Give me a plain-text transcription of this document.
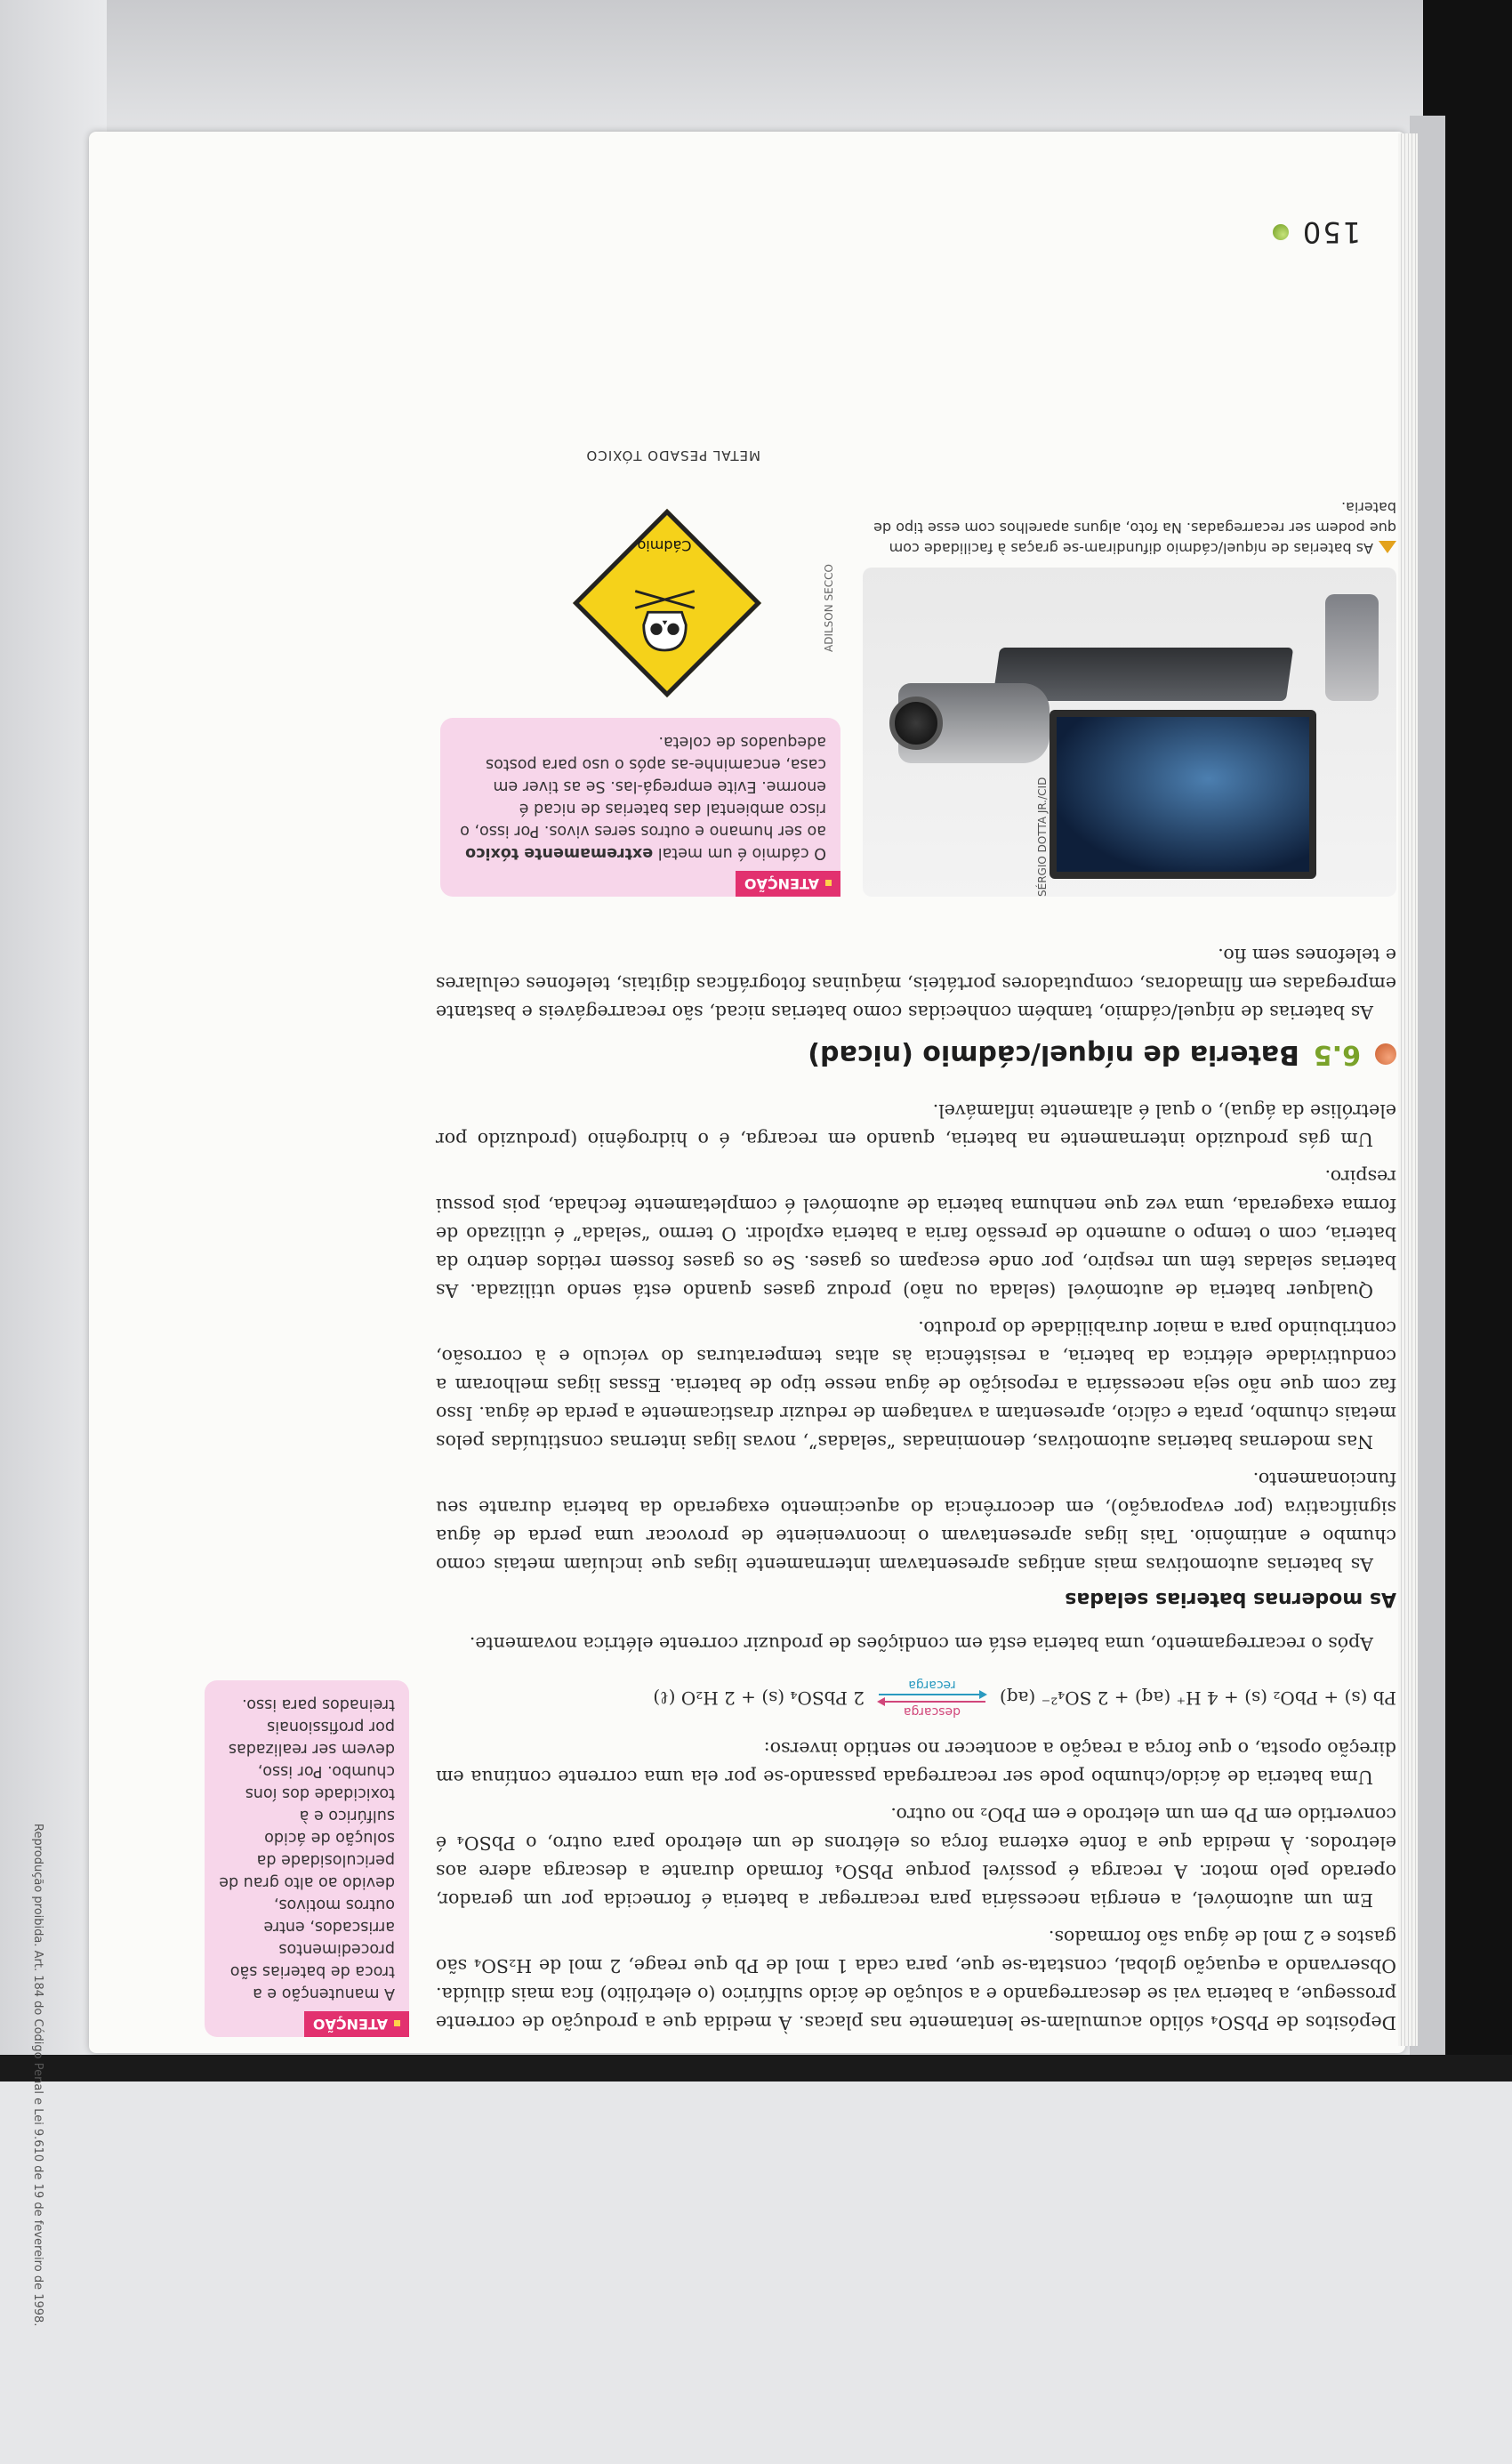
Reprodução proibida. Art. 184 do Código Penal e Lei 9.610 de 19 de fevereiro de 1998.	Depósitos de PbSO₄ sólido acumulam-se lentamente nas placas. À medida que a produção de corrente prossegue, a bateria vai se descarregando e a solução de ácido sulfúrico (o eletrólito) fica mais diluída. Observando a equação global, constata-se que, para cada 1 mol de Pb que reage, 2 mol de H₂SO₄ são gastos e 2 mol de água são formados.

Em um automóvel, a energia necessária para recarregar a bateria é fornecida por um gerador, operado pelo motor. A recarga é possível porque PbSO₄ formado durante a descarga adere aos eletrodos. À medida que a fonte externa força os elétrons de um eletrodo para outro, o PbSO₄ é convertido em Pb em um eletrodo e em PbO₂ no outro.

Uma bateria de ácido/chumbo pode ser recarregada passando-se por ela uma corrente contínua em direção oposta, o que força a reação a acontecer no sentido inverso:

Pb (s) + PbO₂ (s) + 4 H⁺ (aq) + 2 SO₄²⁻ (aq)
descarga
recarga
2 PbSO₄ (s) + 2 H₂O (ℓ)

Após o recarregamento, uma bateria está em condições de produzir corrente elétrica novamente.

As modernas baterias seladas

As baterias automotivas mais antigas apresentavam internamente ligas que incluíam metais como chumbo e antimônio. Tais ligas apresentavam o inconveniente de provocar uma perda de água significativa (por evaporação), em decorrência do aquecimento exagerado da bateria durante seu funcionamento.

Nas modernas baterias automotivas, denominadas “seladas”, novas ligas internas constituídas pelos metais chumbo, prata e cálcio, apresentam a vantagem de reduzir drasticamente a perda de água. Isso faz com que não seja necessária a reposição de água nesse tipo de bateria. Essas ligas melhoram a condutividade elétrica da bateria, a resistência às altas temperaturas do veículo e à corrosão, contribuindo para a maior durabilidade do produto.

Qualquer bateria de automóvel (selada ou não) produz gases quando está sendo utilizada. As baterias seladas têm um respiro, por onde escapam os gases. Se os gases fossem retidos dentro da bateria, com o tempo o aumento de pressão faria a bateria explodir. O termo “selada” é utilizado de forma exagerada, uma vez que nenhuma bateria de automóvel é completamente fechada, pois possui respiro.

Um gás produzido internamente na bateria, quando em recarga, é o hidrogênio (produzido por eletrólise da água), o qual é altamente inflamável.

6.5
Bateria de níquel/cádmio (nicad)

As baterias de níquel/cádmio, também conhecidas como baterias nicad, são recarregáveis e bastante empregadas em filmadoras, computadores portáteis, máquinas fotográficas digitais, telefones celulares e telefones sem fio.

SÉRGIO DOTTA JR./CID
As baterias de níquel/cádmio difundiram-se graças à facilidade com que podem ser recarregadas. Na foto, alguns aparelhos com esse tipo de bateria.
ATENÇÃO
O cádmio é um metal extremamente tóxico ao ser humano e outros seres vivos. Por isso, o risco ambiental das baterias de nicad é enorme. Evite empregá-las. Se as tiver em casa, encaminhe-as após o uso para postos adequados de coleta.
ADILSON SECCO
Cádmio
METAL PESADO TÓXICO
ATENÇÃO
A manutenção e a troca de baterias são procedimentos arriscados, entre outros motivos, devido ao alto grau de periculosidade da solução de ácido sulfúrico e à toxicidade dos íons chumbo. Por isso, devem ser realizadas por profissionais treinados para isso.
150
